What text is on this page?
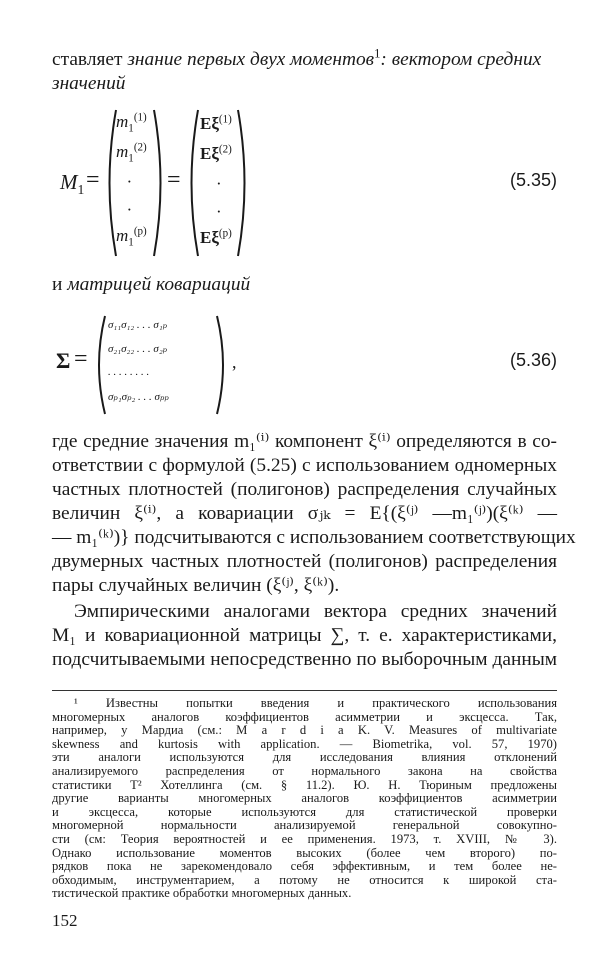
ставляет знание первых двух моментов$^1$: вектором средних
значений
$M_1$ =
$m_1^{(1)}$
$m_1^{(2)}$
·
·
$m_1^{(p)}$
=
$E\xi^{(1)}$
$E\xi^{(2)}$
·
·
$E\xi^{(p)}$
(5.35)
и матрицей ковариаций
Σ =
σ₁₁σ₁₂ . . . σ₁ₚ
σ₂₁σ₂₂ . . . σ₂ₚ
. . . . . . . .
σₚ₁σₚ₂ . . . σₚₚ
,	(5.36)
где средние значения m₁⁽ⁱ⁾ компонент ξ⁽ⁱ⁾ определяются в со-
ответствии с формулой (5.25) с использованием одномерных
частных плотностей (полигонов) распределения случайных
величин ξ⁽ⁱ⁾, а ковариации σⱼₖ = E{(ξ⁽ʲ⁾ —m₁⁽ʲ⁾)(ξ⁽ᵏ⁾ —
— m₁⁽ᵏ⁾)} подсчитываются с использованием соответствующих
двумерных частных плотностей (полигонов) распределения
пары случайных величин (ξ⁽ʲ⁾, ξ⁽ᵏ⁾).
Эмпирическими аналогами вектора средних значений
M₁ и ковариационной матрицы ∑, т. е. характеристиками,
подсчитываемыми непосредственно по выборочным данным
152
¹ Известны попытки введения и практического использования
многомерных аналогов коэффициентов асимметрии и эксцесса. Так,
например, у Мардиа (см.: M a r d i a K. V. Measures of multivariate
skewness and kurtosis with application. — Biometrika, vol. 57, 1970)
эти аналоги используются для исследования влияния отклонений
анализируемого распределения от нормального закона на свойства
статистики T² Хотеллинга (см. § 11.2). Ю. Н. Тюриным предложены
другие варианты многомерных аналогов коэффициентов асимметрии
и эксцесса, которые используются для статистической проверки
многомерной нормальности анализируемой генеральной совокупно-
сти (см: Теория вероятностей и ее применения. 1973, т. XVIII, № 3).
Однако использование моментов высоких (более чем второго) по-
рядков пока не зарекомендовало себя эффективным, и тем более не-
обходимым, инструментарием, а потому не относится к широкой ста-
тистической практике обработки многомерных данных.
